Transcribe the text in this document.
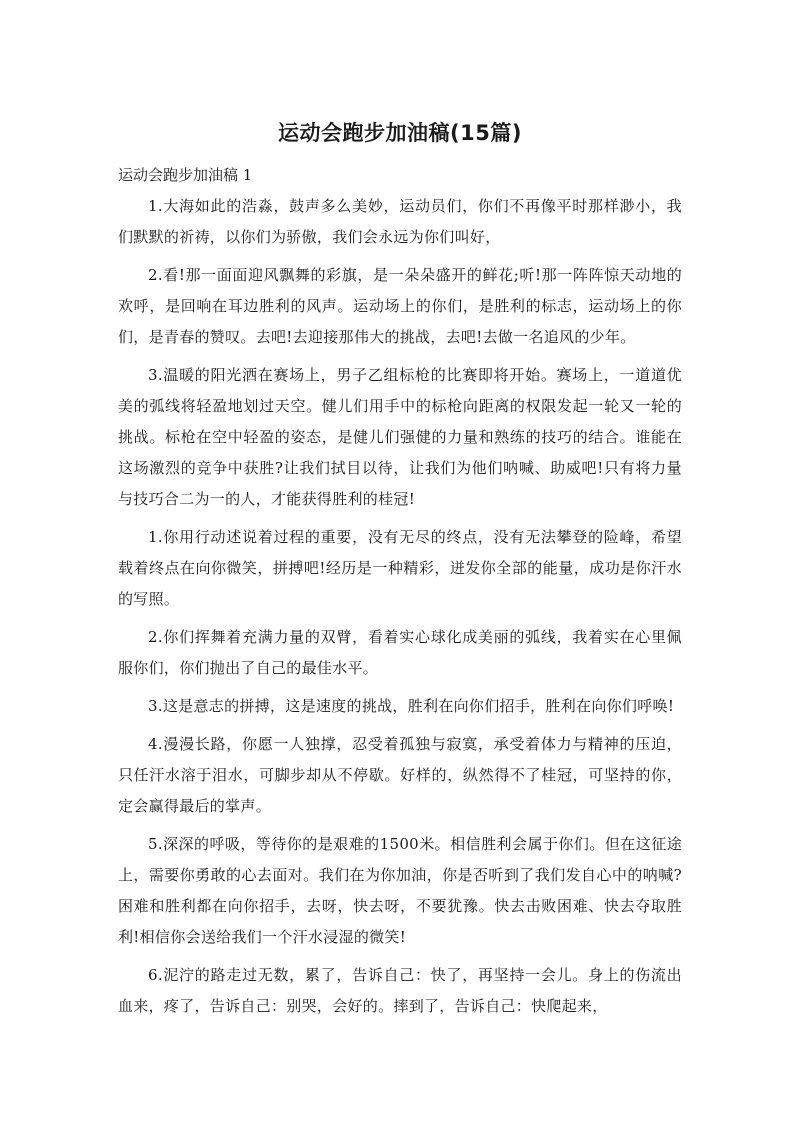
运动会跑步加油稿(15篇)

运动会跑步加油稿 1

1.大海如此的浩淼，鼓声多么美妙，运动员们，你们不再像平时那样渺小，我们默默的祈祷，以你们为骄傲，我们会永远为你们叫好，

2.看!那一面面迎风飘舞的彩旗，是一朵朵盛开的鲜花;听!那一阵阵惊天动地的欢呼，是回响在耳边胜利的风声。运动场上的你们，是胜利的标志，运动场上的你们，是青春的赞叹。去吧!去迎接那伟大的挑战，去吧!去做一名追风的少年。

3.温暖的阳光洒在赛场上，男子乙组标枪的比赛即将开始。赛场上，一道道优美的弧线将轻盈地划过天空。健儿们用手中的标枪向距离的权限发起一轮又一轮的挑战。标枪在空中轻盈的姿态，是健儿们强健的力量和熟练的技巧的结合。谁能在这场激烈的竞争中获胜?让我们拭目以待，让我们为他们呐喊、助威吧!只有将力量与技巧合二为一的人，才能获得胜利的桂冠!

1.你用行动述说着过程的重要，没有无尽的终点，没有无法攀登的险峰，希望载着终点在向你微笑，拼搏吧!经历是一种精彩，迸发你全部的能量，成功是你汗水的写照。

2.你们挥舞着充满力量的双臂，看着实心球化成美丽的弧线，我着实在心里佩服你们，你们抛出了自己的最佳水平。

3.这是意志的拼搏，这是速度的挑战，胜利在向你们招手，胜利在向你们呼唤!

4.漫漫长路，你愿一人独撑，忍受着孤独与寂寞，承受着体力与精神的压迫，只任汗水溶于泪水，可脚步却从不停歇。好样的，纵然得不了桂冠，可坚持的你，定会赢得最后的掌声。

5.深深的呼吸，等待你的是艰难的1500米。相信胜利会属于你们。但在这征途上，需要你勇敢的心去面对。我们在为你加油，你是否听到了我们发自心中的呐喊?困难和胜利都在向你招手，去呀，快去呀，不要犹豫。快去击败困难、快去夺取胜利!相信你会送给我们一个汗水浸湿的微笑!

6.泥泞的路走过无数，累了，告诉自己：快了，再坚持一会儿。身上的伤流出血来，疼了，告诉自己：别哭，会好的。摔到了，告诉自己：快爬起来，
